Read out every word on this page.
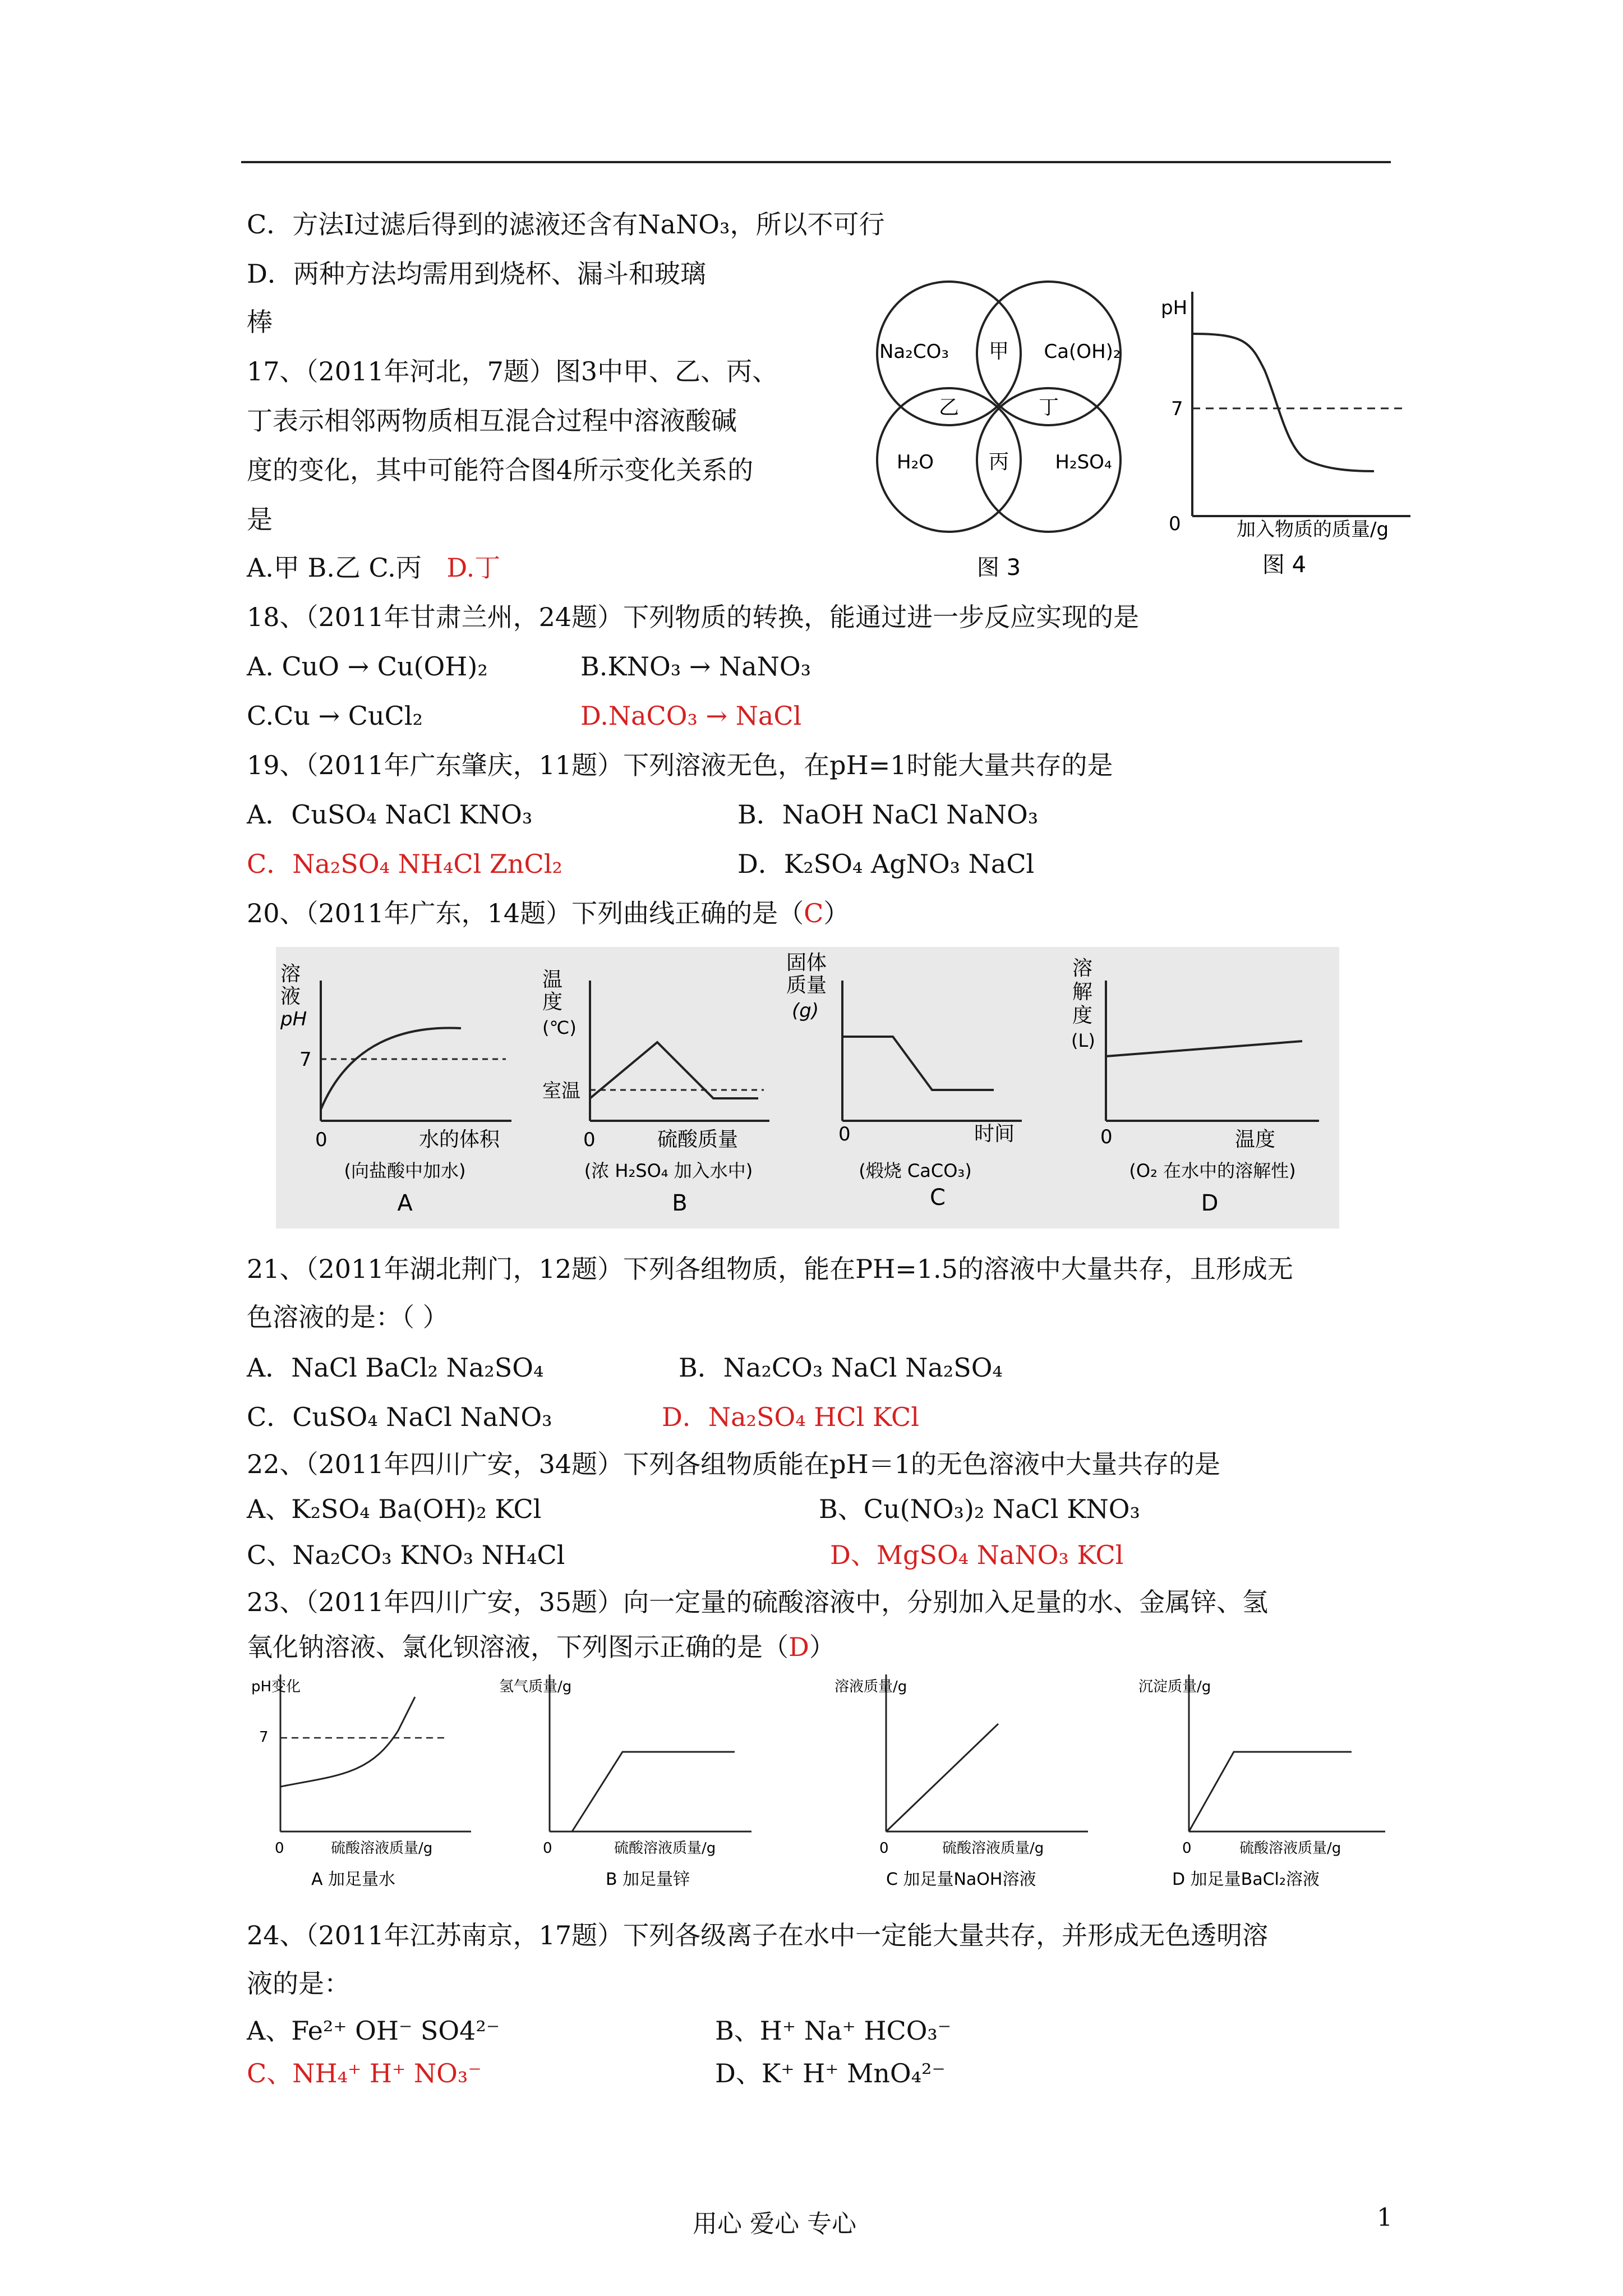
C．方法Ⅰ过滤后得到的滤液还含有NaNO₃，所以不可行
D．两种方法均需用到烧杯、漏斗和玻璃
棒
17、（2011年河北，7题）图3中甲、乙、丙、
丁表示相邻两物质相互混合过程中溶液酸碱
度的变化，其中可能符合图4所示变化关系的
是
A.甲 B.乙 C.丙 D.丁
Na₂CO₃	Ca(OH)₂
H₂O	H₂SO₄
甲
乙	丁
丙
图 3
pH
7
0	加入物质的质量/g
图 4
18、（2011年甘肃兰州，24题）下列物质的转换，能通过进一步反应实现的是
A. CuO → Cu(OH)₂	B.KNO₃ → NaNO₃
C.Cu → CuCl₂	D.NaCO₃ → NaCl
19、（2011年广东肇庆，11题）下列溶液无色，在pH=1时能大量共存的是
A．CuSO₄ NaCl KNO₃	B．NaOH NaCl NaNO₃
C．Na₂SO₄ NH₄Cl ZnCl₂	D．K₂SO₄ AgNO₃ NaCl
20、（2011年广东，14题）下列曲线正确的是（C）
溶
液
pH
7
0	水的体积
(向盐酸中加水)
A
温
度
(℃)
室温
0	硫酸质量
(浓 H₂SO₄ 加入水中)
B
固体
质量
(g)
0	时间
(煅烧 CaCO₃)
C
溶
解
度
(L)
0	温度
(O₂ 在水中的溶解性)
D
21、（2011年湖北荆门，12题）下列各组物质，能在PH=1.5的溶液中大量共存，且形成无
色溶液的是：（ ）
A．NaCl BaCl₂ Na₂SO₄	B．Na₂CO₃ NaCl Na₂SO₄
C．CuSO₄ NaCl NaNO₃	D．Na₂SO₄ HCl KCl
22、（2011年四川广安，34题）下列各组物质能在pH＝1的无色溶液中大量共存的是
A、K₂SO₄ Ba(OH)₂ KCl	B、Cu(NO₃)₂ NaCl KNO₃
C、Na₂CO₃ KNO₃ NH₄Cl	D、MgSO₄ NaNO₃ KCl
23、（2011年四川广安，35题）向一定量的硫酸溶液中，分别加入足量的水、金属锌、氢
氧化钠溶液、氯化钡溶液，下列图示正确的是（D）
pH变化
7
0	硫酸溶液质量/g
A 加足量水
氢气质量/g
0	硫酸溶液质量/g
B 加足量锌
溶液质量/g
0	硫酸溶液质量/g
C 加足量NaOH溶液
沉淀质量/g
0	硫酸溶液质量/g
D 加足量BaCl₂溶液
24、（2011年江苏南京，17题）下列各级离子在水中一定能大量共存，并形成无色透明溶
液的是：
A、Fe²⁺ OH⁻ SO4²⁻	B、H⁺ Na⁺ HCO₃⁻
C、NH₄⁺ H⁺ NO₃⁻	D、K⁺ H⁺ MnO₄²⁻
用心 爱心 专心	1
